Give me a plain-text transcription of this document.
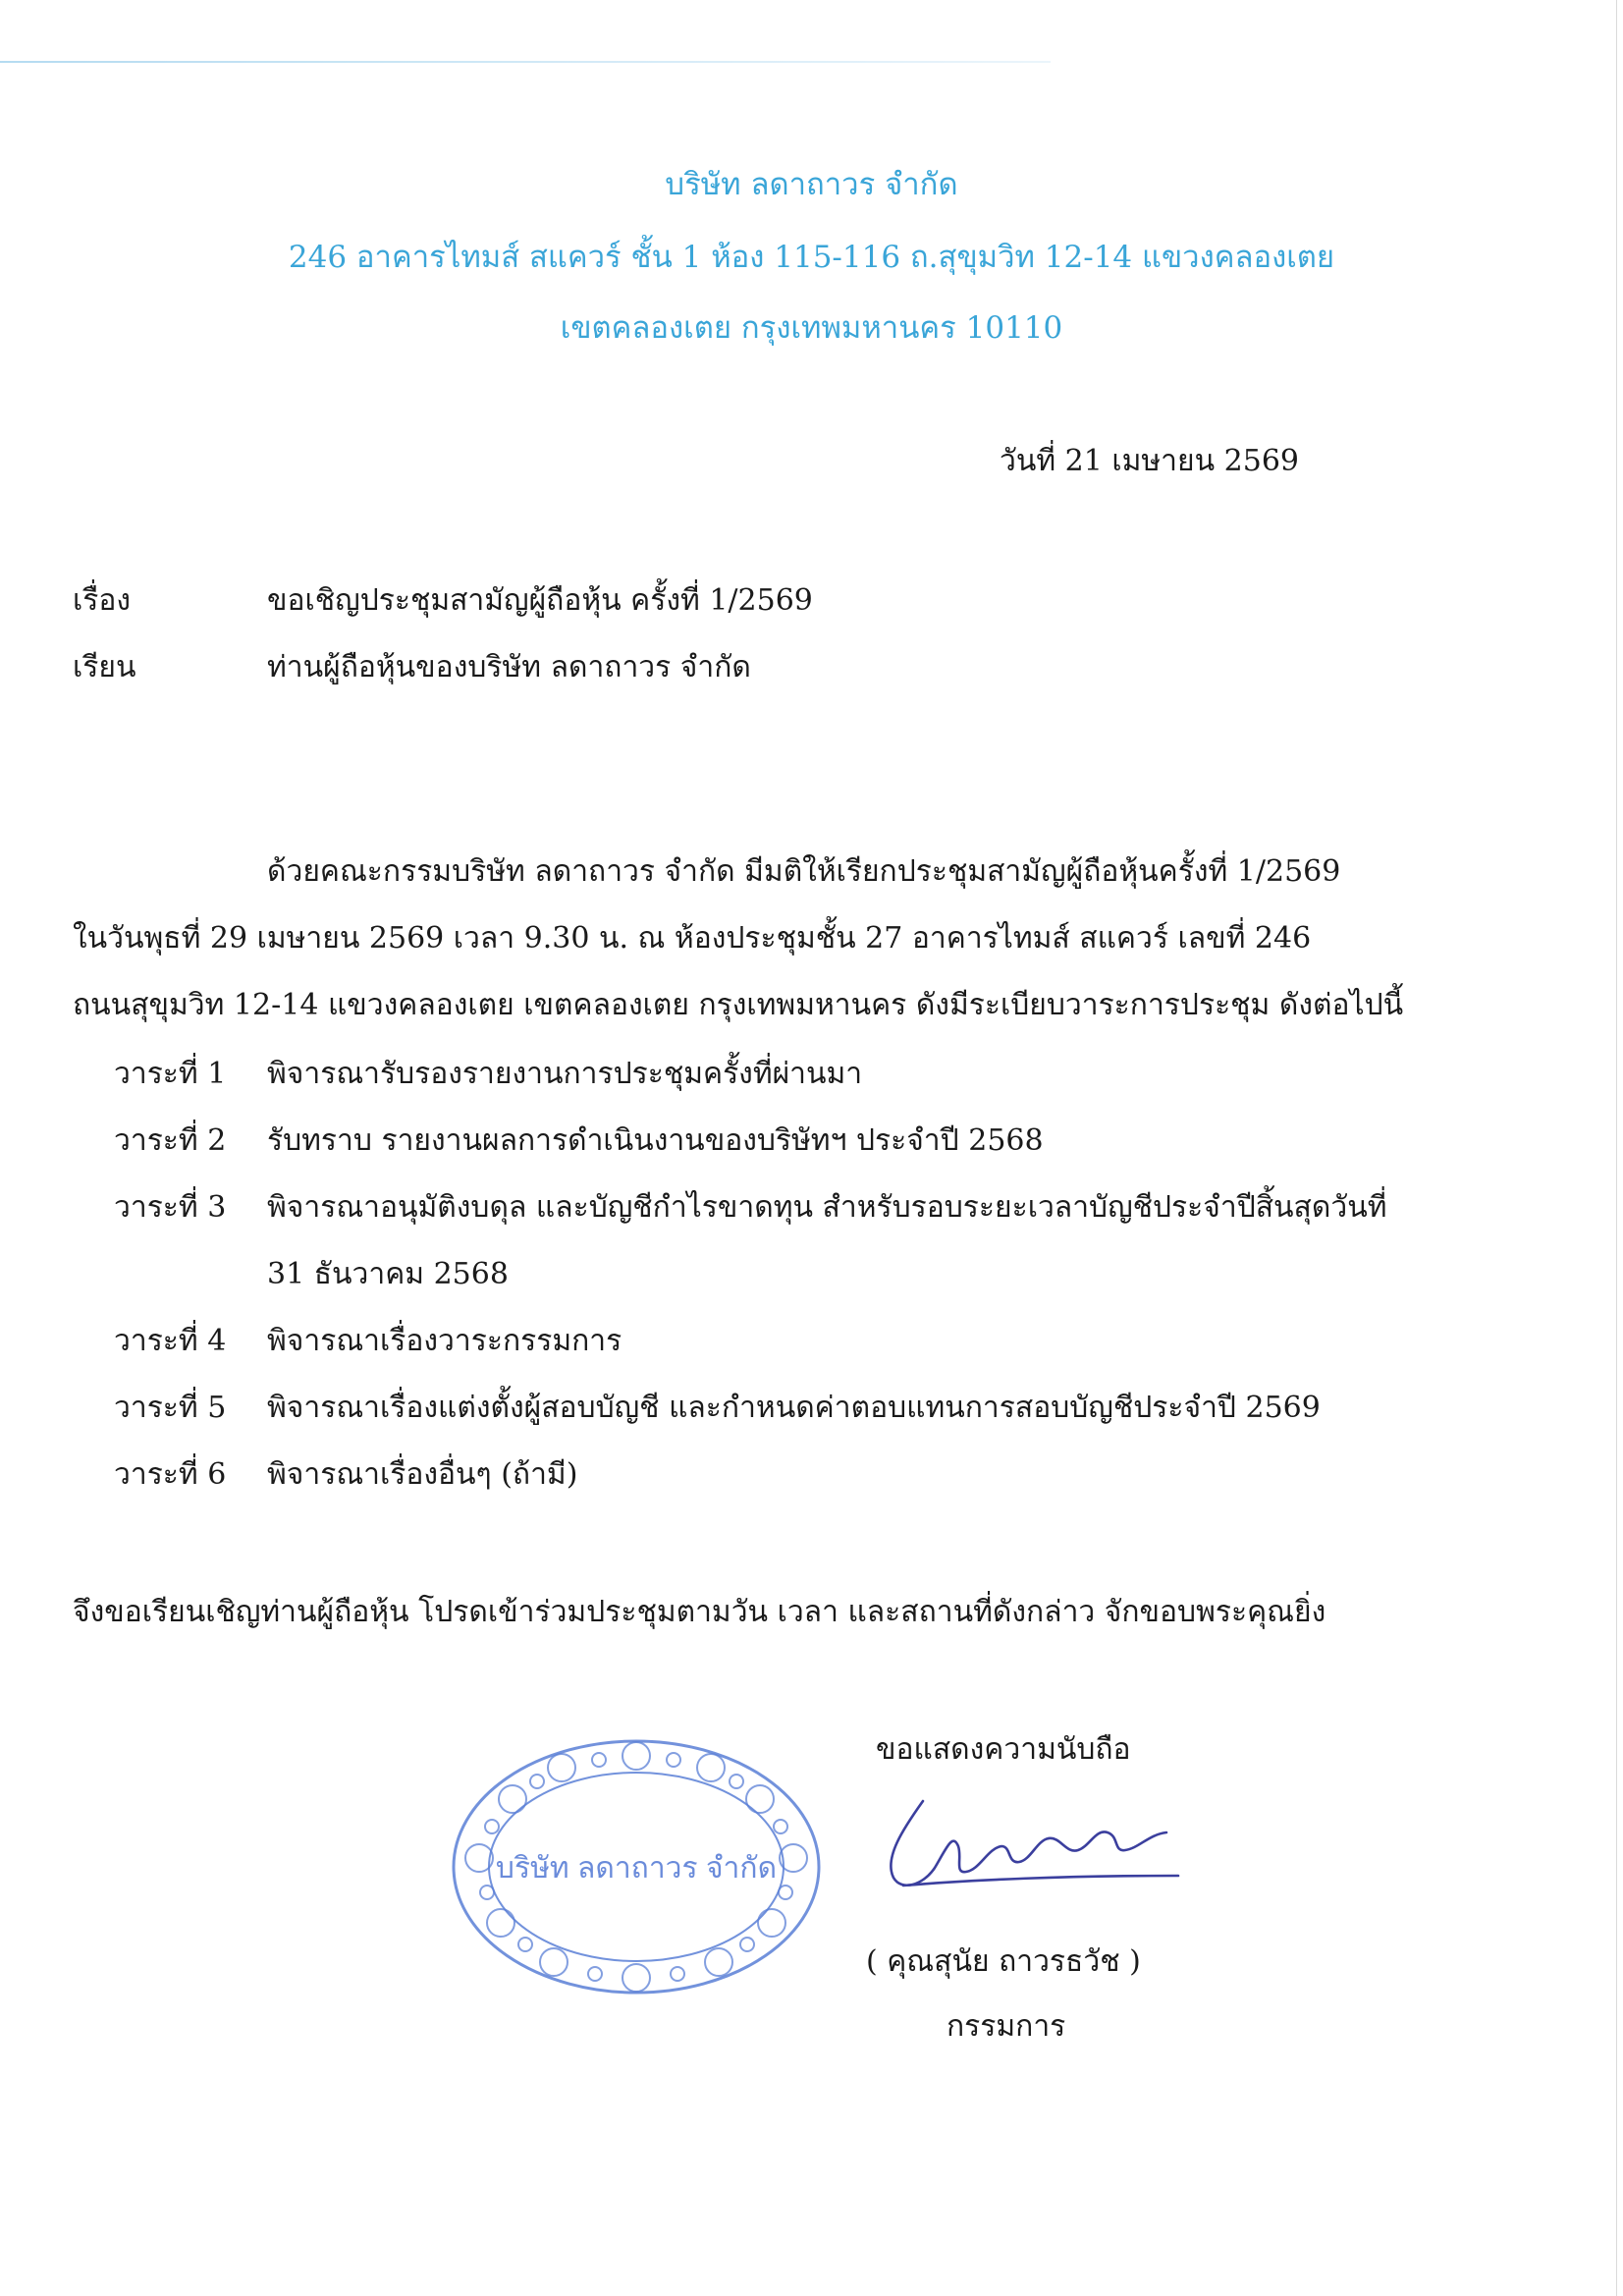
บริษัท ลดาถาวร จำกัด
246 อาคารไทมส์ สแควร์ ชั้น 1 ห้อง 115-116 ถ.สุขุมวิท 12-14 แขวงคลองเตย
เขตคลองเตย กรุงเทพมหานคร 10110
วันที่ 21 เมษายน 2569
เรื่อง	ขอเชิญประชุมสามัญผู้ถือหุ้น ครั้งที่ 1/2569
เรียน	ท่านผู้ถือหุ้นของบริษัท ลดาถาวร จำกัด
ด้วยคณะกรรมบริษัท ลดาถาวร จำกัด มีมติให้เรียกประชุมสามัญผู้ถือหุ้นครั้งที่ 1/2569
ในวันพุธที่ 29 เมษายน 2569 เวลา 9.30 น. ณ ห้องประชุมชั้น 27 อาคารไทมส์ สแควร์ เลขที่ 246
ถนนสุขุมวิท 12-14 แขวงคลองเตย เขตคลองเตย กรุงเทพมหานคร ดังมีระเบียบวาระการประชุม ดังต่อไปนี้
วาระที่ 1 พิจารณารับรองรายงานการประชุมครั้งที่ผ่านมา
วาระที่ 2 รับทราบ รายงานผลการดำเนินงานของบริษัทฯ ประจำปี 2568
วาระที่ 3 พิจารณาอนุมัติงบดุล และบัญชีกำไรขาดทุน สำหรับรอบระยะเวลาบัญชีประจำปีสิ้นสุดวันที่
31 ธันวาคม 2568
วาระที่ 4 พิจารณาเรื่องวาระกรรมการ
วาระที่ 5 พิจารณาเรื่องแต่งตั้งผู้สอบบัญชี และกำหนดค่าตอบแทนการสอบบัญชีประจำปี 2569
วาระที่ 6 พิจารณาเรื่องอื่นๆ (ถ้ามี)
จึงขอเรียนเชิญท่านผู้ถือหุ้น โปรดเข้าร่วมประชุมตามวัน เวลา และสถานที่ดังกล่าว จักขอบพระคุณยิ่ง
ขอแสดงความนับถือ
บริษัท ลดาถาวร จำกัด
( คุณสุนัย ถาวรธวัช )
กรรมการ
